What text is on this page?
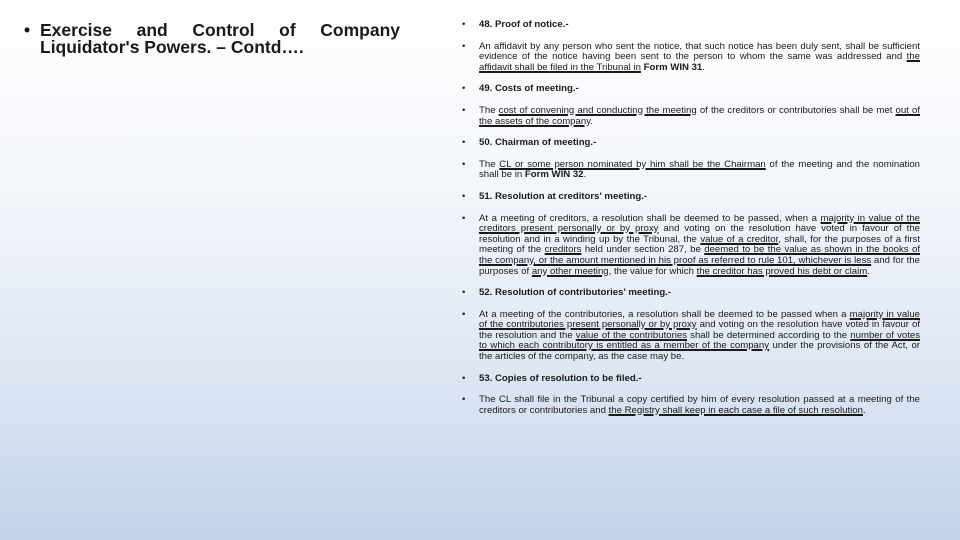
• Exercise and Control of Company
Liquidator's Powers. – Contd….
•	48. Proof of notice.-
•	An affidavit by any person who sent the notice, that such notice has been duly sent, shall be sufficient evidence of the notice having been sent to the person to whom the same was addressed and the affidavit shall be filed in the Tribunal in Form WIN 31.
•	49. Costs of meeting.-
•	The cost of convening and conducting the meeting of the creditors or contributories shall be met out of the assets of the company.
•	50. Chairman of meeting.-
•	The CL or some person nominated by him shall be the Chairman of the meeting and the nomination shall be in Form WIN 32.
•	51. Resolution at creditors' meeting.-
•	At a meeting of creditors, a resolution shall be deemed to be passed, when a majority in value of the creditors present personally or by proxy and voting on the resolution have voted in favour of the resolution and in a winding up by the Tribunal, the value of a creditor, shall, for the purposes of a first meeting of the creditors held under section 287, be deemed to be the value as shown in the books of the company, or the amount mentioned in his proof as referred to rule 101, whichever is less and for the purposes of any other meeting, the value for which the creditor has proved his debt or claim.
•	52. Resolution of contributories' meeting.-
•	At a meeting of the contributories, a resolution shall be deemed to be passed when a majority in value of the contributories present personally or by proxy and voting on the resolution have voted in favour of the resolution and the value of the contributories shall be determined according to the number of votes to which each contributory is entitled as a member of the company under the provisions of the Act, or the articles of the company, as the case may be.
•	53. Copies of resolution to be filed.-
•	The CL shall file in the Tribunal a copy certified by him of every resolution passed at a meeting of the creditors or contributories and the Registry shall keep in each case a file of such resolution.
